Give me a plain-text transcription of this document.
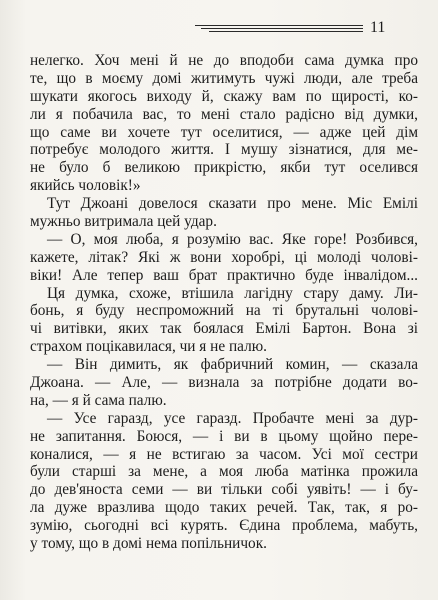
11
нелегко. Хоч мені й не до вподоби сама думка про
те, що в моєму домі житимуть чужі люди, але треба
шукати якогось виходу й, скажу вам по щирості, ко-
ли я побачила вас, то мені стало радісно від думки,
що саме ви хочете тут оселитися, — адже цей дім
потребує молодого життя. І мушу зізнатися, для ме-
не було б великою прикрістю, якби тут оселився
якийсь чоловік!»
Тут Джоані довелося сказати про мене. Міс Емілі
мужньо витримала цей удар.
— О, моя люба, я розумію вас. Яке горе! Розбився,
кажете, літак? Які ж вони хоробрі, ці молоді чолові-
віки! Але тепер ваш брат практично буде інвалідом...
Ця думка, схоже, втішила лагідну стару даму. Ли-
бонь, я буду неспроможний на ті брутальні чолові-
чі витівки, яких так боялася Емілі Бартон. Вона зі
страхом поцікавилася, чи я не палю.
— Він димить, як фабричний комин, — сказала
Джоана. — Але, — визнала за потрібне додати во-
на, — я й сама палю.
— Усе гаразд, усе гаразд. Пробачте мені за дур-
не запитання. Боюся, — і ви в цьому щойно пере-
коналися, — я не встигаю за часом. Усі мої сестри
були старші за мене, а моя люба матінка прожила
до дев'яноста семи — ви тільки собі уявіть! — і бу-
ла дуже вразлива щодо таких речей. Так, так, я ро-
зумію, сьогодні всі курять. Єдина проблема, мабуть,
у тому, що в домі нема попільничок.
